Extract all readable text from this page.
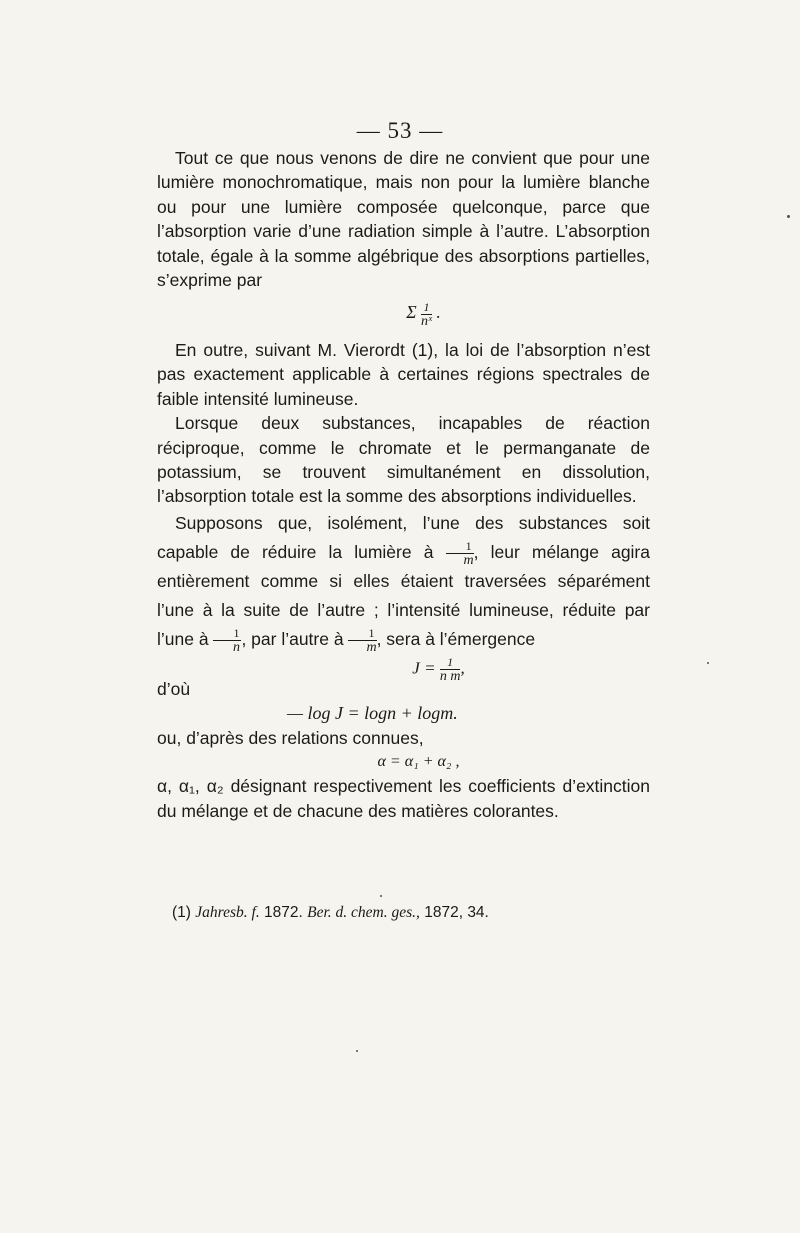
— 53 —

Tout ce que nous venons de dire ne convient que pour une lumière monochromatique, mais non pour la lumière blanche ou pour une lumière composée quelconque, parce que l’absorption varie d’une radiation simple à l’autre. L’absorption totale, égale à la somme algébrique des absorptions partielles, s’exprime par

Σ $\frac{1}{\text{nˣ}}$ .

En outre, suivant M. Vierordt (1), la loi de l’absorption n’est pas exactement applicable à certaines régions spectrales de faible intensité lumineuse.

Lorsque deux substances, incapables de réaction réciproque, comme le chromate et le permanganate de potassium, se trouvent simultanément en dissolution, l’absorption totale est la somme des absorptions individuelles.

Supposons que, isolément, l’une des substances soit capable de réduire la lumière à $\frac{1}{m}$ , leur mélange agira entièrement comme si elles étaient traversées séparément l’une à la suite de l’autre ; l’intensité lumineuse, réduite par l’une à $\frac{1}{n}$ , par l’autre à $\frac{1}{m}$ , sera à l’émergence

$J = \frac{1}{\text{n m}}$ ,

d’où

— log J = logn + logm.

ou, d’après des relations connues,

α = α₁ + α₂ ,

α, α₁, α₂ désignant respectivement les coefficients d’extinction du mélange et de chacune des matières colorantes.

(1) Jahresb. f. 1872. Ber. d. chem. ges., 1872, 34.
